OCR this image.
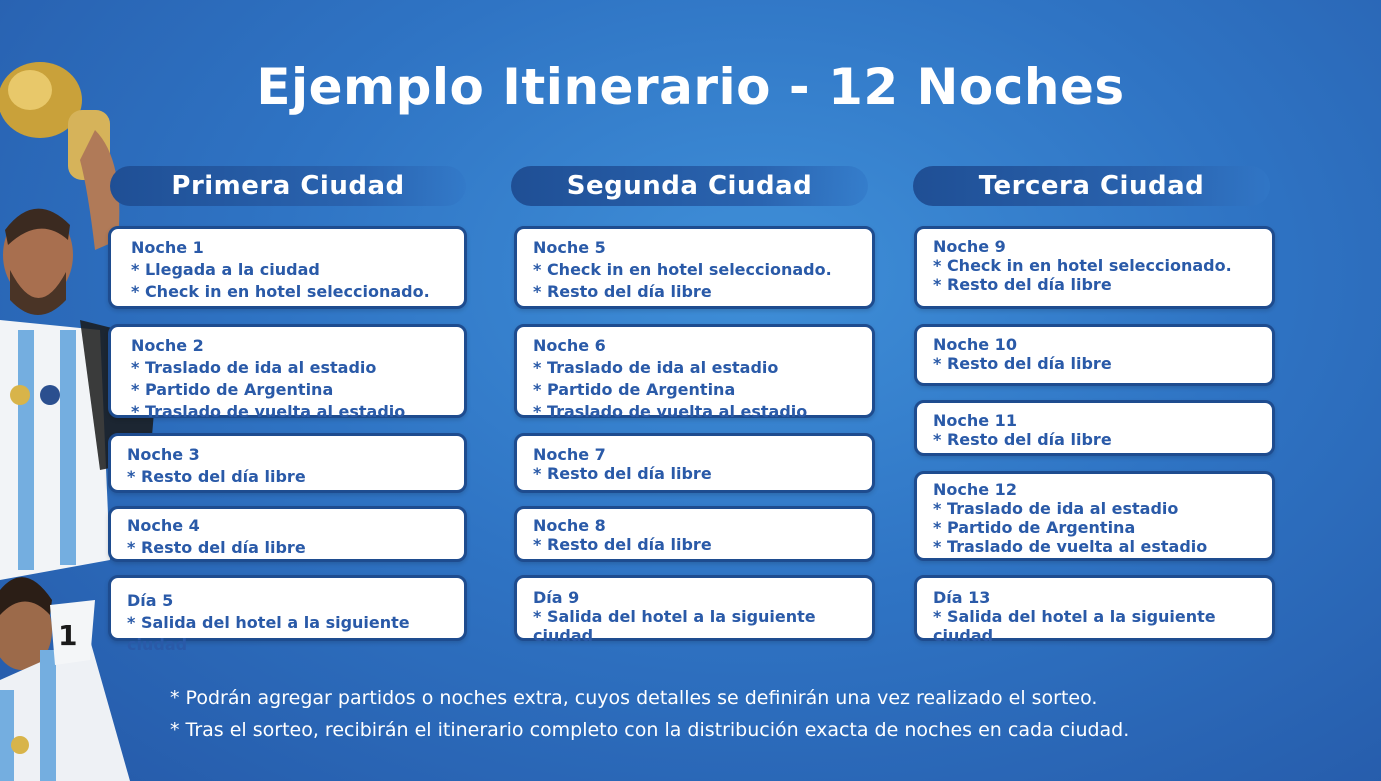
1
Ejemplo Itinerario - 12 Noches
Primera Ciudad	Segunda Ciudad	Tercera Ciudad
Noche 1
* Llegada a la ciudad
* Check in en hotel seleccionado.
Noche 2
* Traslado de ida al estadio
* Partido de Argentina
* Traslado de vuelta al estadio
Noche 3
* Resto del día libre
Noche 4
* Resto del día libre
Día 5
* Salida del hotel a la siguiente ciudad
Noche 5
* Check in en hotel seleccionado.
* Resto del día libre
Noche 6
* Traslado de ida al estadio
* Partido de Argentina
* Traslado de vuelta al estadio
Noche 7
* Resto del día libre
Noche 8
* Resto del día libre
Día 9
* Salida del hotel a la siguiente ciudad
Noche 9
* Check in en hotel seleccionado.
* Resto del día libre
Noche 10
* Resto del día libre
Noche 11
* Resto del día libre
Noche 12
* Traslado de ida al estadio
* Partido de Argentina
* Traslado de vuelta al estadio
Día 13
* Salida del hotel a la siguiente ciudad
* Podrán agregar partidos o noches extra, cuyos detalles se definirán una vez realizado el sorteo.
* Tras el sorteo, recibirán el itinerario completo con la distribución exacta de noches en cada ciudad.
